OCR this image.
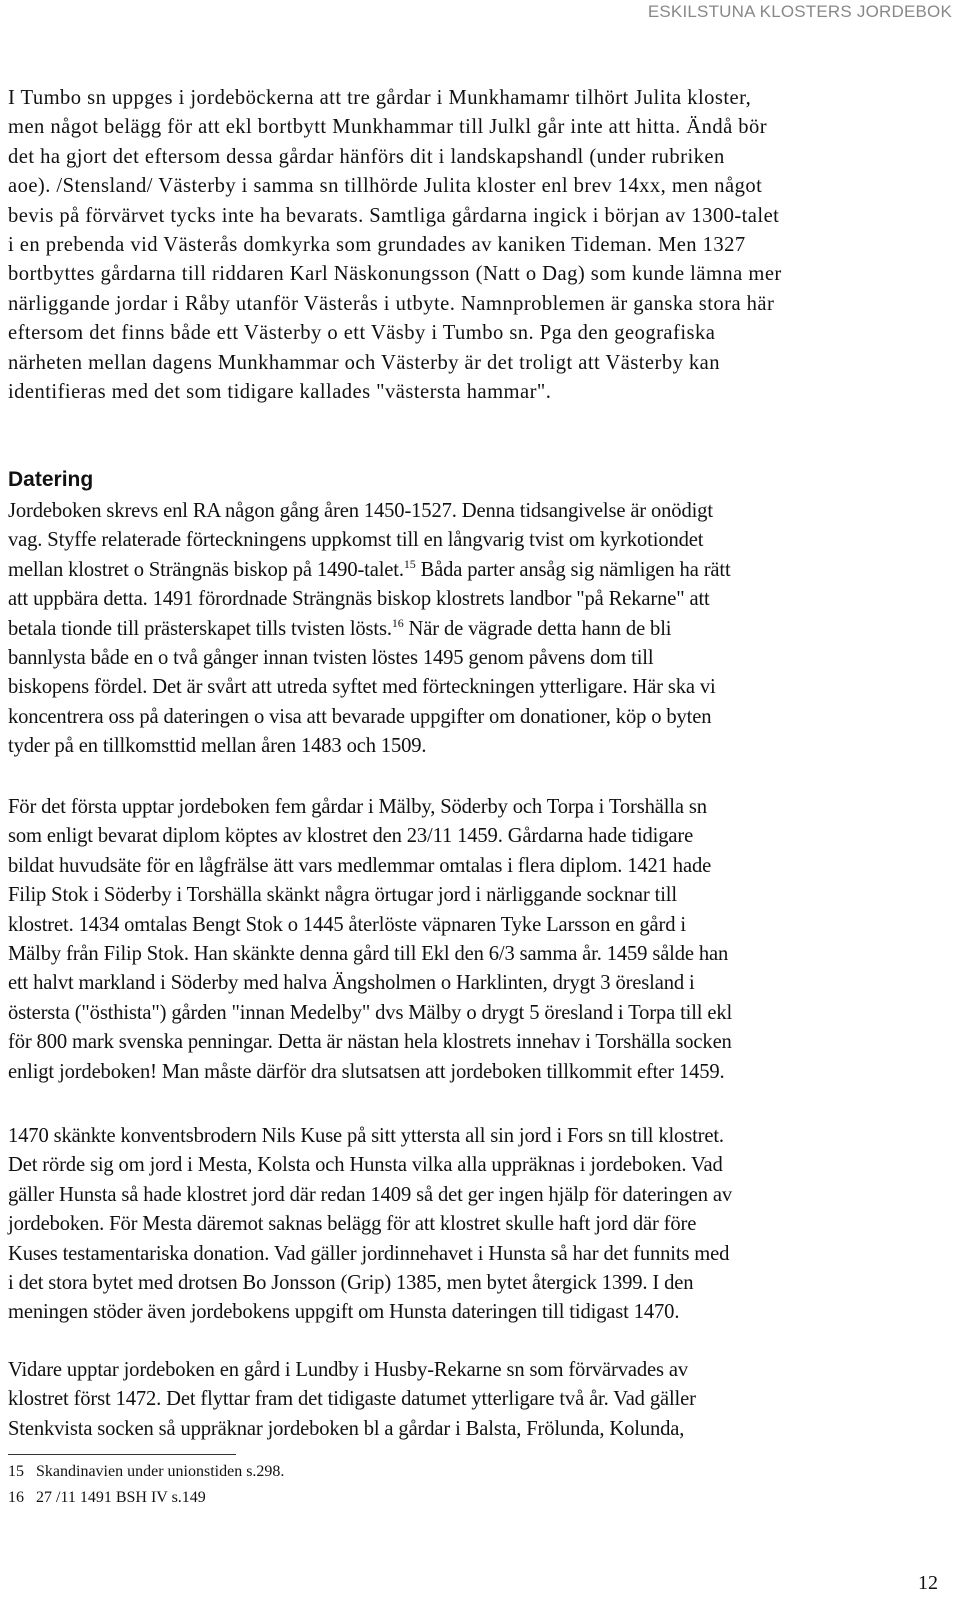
ESKILSTUNA KLOSTERS JORDEBOK
I Tumbo sn uppges i jordeböckerna att tre gårdar i Munkhamamr tilhört Julita kloster,
men något belägg för att ekl bortbytt Munkhammar till Julkl går inte att hitta. Ändå bör
det ha gjort det eftersom dessa gårdar hänförs dit i landskapshandl (under rubriken
aoe). /Stensland/ Västerby i samma sn tillhörde Julita kloster enl brev 14xx, men något
bevis på förvärvet tycks inte ha bevarats. Samtliga gårdarna ingick i början av 1300-talet
i en prebenda vid Västerås domkyrka som grundades av kaniken Tideman. Men 1327
bortbyttes gårdarna till riddaren Karl Näskonungsson (Natt o Dag) som kunde lämna mer
närliggande jordar i Råby utanför Västerås i utbyte. Namnproblemen är ganska stora här
eftersom det finns både ett Västerby o ett Väsby i Tumbo sn. Pga den geografiska
närheten mellan dagens Munkhammar och Västerby är det troligt att Västerby kan
identifieras med det som tidigare kallades "västersta hammar".
Datering
Jordeboken skrevs enl RA någon gång åren 1450-1527. Denna tidsangivelse är onödigt
vag. Styffe relaterade förteckningens uppkomst till en långvarig tvist om kyrkotiondet
mellan klostret o Strängnäs biskop på 1490-talet.$^{15}$ Båda parter ansåg sig nämligen ha rätt
att uppbära detta. 1491 förordnade Strängnäs biskop klostrets landbor "på Rekarne" att
betala tionde till prästerskapet tills tvisten lösts.$^{16}$ När de vägrade detta hann de bli
bannlysta både en o två gånger innan tvisten löstes 1495 genom påvens dom till
biskopens fördel. Det är svårt att utreda syftet med förteckningen ytterligare. Här ska vi
koncentrera oss på dateringen o visa att bevarade uppgifter om donationer, köp o byten
tyder på en tillkomsttid mellan åren 1483 och 1509.
För det första upptar jordeboken fem gårdar i Mälby, Söderby och Torpa i Torshälla sn
som enligt bevarat diplom köptes av klostret den 23/11 1459. Gårdarna hade tidigare
bildat huvudsäte för en lågfrälse ätt vars medlemmar omtalas i flera diplom. 1421 hade
Filip Stok i Söderby i Torshälla skänkt några örtugar jord i närliggande socknar till
klostret. 1434 omtalas Bengt Stok o 1445 återlöste väpnaren Tyke Larsson en gård i
Mälby från Filip Stok. Han skänkte denna gård till Ekl den 6/3 samma år. 1459 sålde han
ett halvt markland i Söderby med halva Ängsholmen o Harklinten, drygt 3 öresland i
östersta ("östhista") gården "innan Medelby" dvs Mälby o drygt 5 öresland i Torpa till ekl
för 800 mark svenska penningar. Detta är nästan hela klostrets innehav i Torshälla socken
enligt jordeboken! Man måste därför dra slutsatsen att jordeboken tillkommit efter 1459.
1470 skänkte konventsbrodern Nils Kuse på sitt yttersta all sin jord i Fors sn till klostret.
Det rörde sig om jord i Mesta, Kolsta och Hunsta vilka alla uppräknas i jordeboken. Vad
gäller Hunsta så hade klostret jord där redan 1409 så det ger ingen hjälp för dateringen av
jordeboken. För Mesta däremot saknas belägg för att klostret skulle haft jord där före
Kuses testamentariska donation. Vad gäller jordinnehavet i Hunsta så har det funnits med
i det stora bytet med drotsen Bo Jonsson (Grip) 1385, men bytet återgick 1399. I den
meningen stöder även jordebokens uppgift om Hunsta dateringen till tidigast 1470.
Vidare upptar jordeboken en gård i Lundby i Husby-Rekarne sn som förvärvades av
klostret först 1472. Det flyttar fram det tidigaste datumet ytterligare två år. Vad gäller
Stenkvista socken så uppräknar jordeboken bl a gårdar i Balsta, Frölunda, Kolunda,
15 Skandinavien under unionstiden s.298.
16 27 /11 1491 BSH IV s.149
12
